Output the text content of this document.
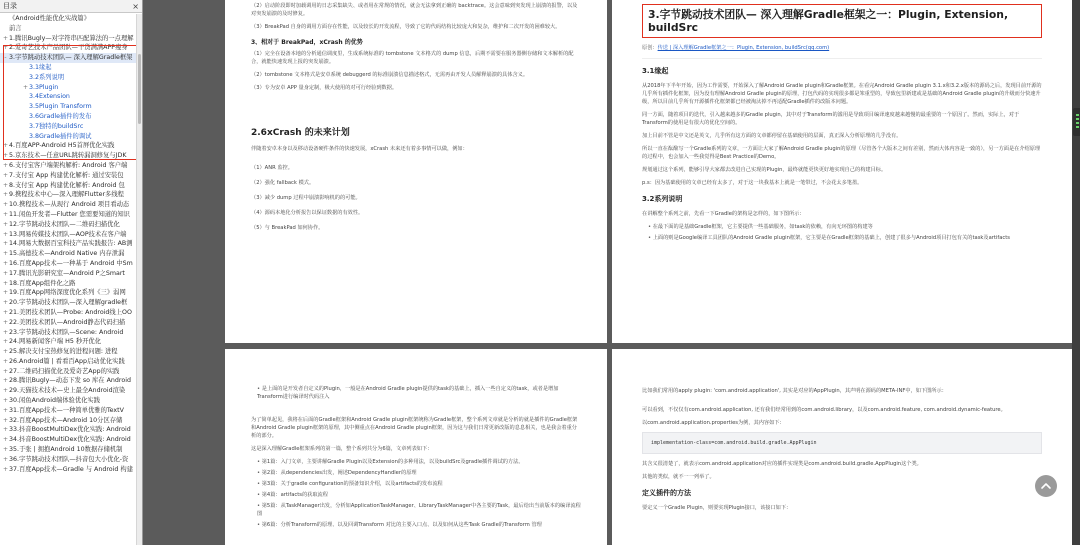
目录	×
《Android性能优化实战篇》
前言
+1.腾讯Bugly—对字符串匹配算法的一点理解
+2.爱奇艺技术产品团队—干货满满APP瘦身
- 3.字节跳动技术团队— 深入理解Gradle框架
3.1缘起
3.2系列说明
+3.3Plugin
3.4Extension
3.5Plugin Transform
3.6Gradle插件的发布
3.7独特的buildSrc
3.8Gradle插件的调试
+4.百度APP-Android H5首屏优化实践
+5.京东技术—任意URL跳转漏洞修复与JDK
+6.支付宝客户端架构解析: Android 客户端
+7.支付宝 App 构建优化解析: 通过安装包
+8.支付宝 App 构建优化解析: Android 包
+9.携程技术中心—深入理解Flutter多线程
+10.携程技术—从现行 Android 项目看动态
+11.闲鱼开发者—Flutter 您需要知道的知识
+12.字节跳动技术团队—二维码扫描优化
+13.网易传媒技术团队—AOP技术在客户端
+14.网易大数据百宝科技产品实践报告: AB测
+15.高德技术—Android Native 内存泄漏
+16.百度App技术—一种基于 Android 中Sm
+17.腾讯光影研究室—Android P之Smart
+18.百度App组件化之路
+19.百度App网络深度优化系列《三》弱网
+20.字节跳动技术团队—深入理解gradle框
+21.美团技术团队—Probe: Android线上OO
+22.美团技术团队—Android静态代码扫描
+23.字节跳动技术团队—Scene: Android
+24.网易新闻客户端 H5 秒开优化
+25.解决支付宝热修复的进程问题: 进程
+26.Android篇 | 看看百App启动优化实践
+27.二维码扫描优化及爱奇艺App的实践
+28.腾讯Bugly—动态下发 so 库在 Android
+29.天猫技术技术—史上最全Android渲染
+30.闲鱼Android端体验优化实践
+31.百度App技术—一种简单优雅的TextV
+32.百度App技术—Android 10分区存储
+33.抖音BoostMultiDex优化实践: Android
+34.抖音BoostMultiDex优化实践: Android
+35.于张 | 拥抱Android 10数据存储机制
+36.字节跳动技术团队—抖音包大小优化-资
+37.百度App技术—Gradle 与 Android 构建
（2）启动阶段即时加载调用的日志采集缺失、或者用在常规的情况，就会无法拿到正确的 backtrace。这会意味到突发现上崩溃的报警，以及对突发崩溃的及时修复。
（3）BreakPad 自身的调用方面存在性能，以及较长的开发流程，导致了它的代码结构比较庞大和复杂，维护和二次开发的困难较大。
3、相对于 BreakPad，xCrash 的优势
（1）完全在设备本地的分析通信调度里，生成系统标准的 tombstone 文本格式的 dump 信息，后期不需要在服务器侧存储和文本解析的配合，就能快速发现上报的突发崩溃。
（2）tombstone 文本格式是安卓系统 debuggerd 的标准崩溃信息描述格式，无需再由开发人员解释崩溃的具体含义。
（3）专为安卓 APP 量身定制，极大使用的对可行经验到数据。
2.6xCrash 的未来计划
伴随着安卓本身以及移动设备硬件条件的快速发展，xCrash 未来还有着多事情可以做，例如：
（1）ANR 监控。
（2）强化 fallback 模式。
（3）减少 dump 过程中崩溃影响机的的可能。
（4）源码本地化分析报告以保证数据的有效性。
（5）与 BreakPad 如何协作。
3.字节跳动技术团队— 深入理解Gradle框架之一：Plugin, Extension, buildSrc
原创：传送 | 深入理解Gradle框架之一：Plugin, Extension, buildSrc(qq.com)
3.1缘起
从2018年下半年开始，因为工作需要，开始深入了解Android Gradle plugin和Gradle框架。在看完Android Gradle plugin 3.1.x和3.2.x版本的源码之后，发现目前开源的几乎所有插件化框架，因为没有理解Android Gradle plugin的原理，打包代码的实现很多都是笨重型的，导致包里新建或是基础的Android Gradle plugin的升级而分快速升级，所以目前几乎所有开源插件化框架都已经被淘汰掉不再适配Gradle插件的改版本问题。
同一方面，随着项目的迭代，引入越来越多的Gradle plugin，其中对于Transform的滥用是导致项目编译速度越来越慢的最重要的一个原因了。然而，实际上，对于Transform的使用是有很大的优化空间的。
加上目前不管是中文还是英文，几乎所有这方面的文章都停留在基础使用的层面，真正深入分析原理的几乎没有。
所以一直在酝酿写一个Gradle系列的文章，一方面让大家了解Android Gradle plugin的原理（尽管各个大版本之间有差别，然而大体内容是一致的），另一方面是在介绍原理的过程中，也会加入一些我觉得是Best Practice的Demo。
规划通过这个系列，能够引导大家都去改进自己实现的Plugin，最终就能更快更好地实现自己的构建目标。
p.s：因为基础使用的文章已经有太多了，对于这一块我基本上就是一笔带过，不会花太多笔墨。
3.2系列说明
在讲解整个系列之前，先看一下Gradle的架构是怎样的，如下图所示：
• 在最下面的是基础Gradle框架，它主要提供一些基础服务，如task的依赖，有向无环图的构建等
• 上面的则是Google编译工具团队的Android Gradle plugin框架，它主要是在Gradle框架的基础上，创建了很多与Android项目打包有关的task及artifacts
• 是上面的是开发者自定义的Plugin，一般是在Android Gradle plugin提供的task的基础上，插入一些自定义的task，或者是增加Transform进行编译时代码注入
为了简单起见，我将在后面的Gradle框架和Android Gradle plugin框架统称为Gradle框架，整个系列文章就是分析的就是插件的Gradle框架和Android Gradle plugin框架的原理，其中侧重点在Android Gradle plugin框架，因为这与我们日常更新改版的息息相关，也是我会着重分析的部分。
这是深入理解Gradle框架系列的第一篇，整个系列共分为6篇，文章列表如下：
• 第1篇：入门文章，主要讲解Gradle Plugin以及Extension的多种用法，以及buildSrc及gradle插件调试的方法。
• 第2篇：从dependencies出发，阐述DependencyHandler的原理
• 第3篇：关于gradle configuration的预备知识介绍，以及artifacts的发布流程
• 第4篇：artifacts的获取流程
• 第5篇：从TaskManager出发，分析如ApplicationTaskManager、LibraryTaskManager中各主要的Task，最后给出当前版本的编译流程图
• 第6篇：分析Transform的原理、以及回调Transform 对比的主要入口点、以及如何从这些Task Gradle的Transform 管理
比如我们常用的apply plugin: 'com.android.application', 其实是对应的AppPlugin，其声明在源码的META-INF中，如下图所示：
可以看到，不仅仅有com.android.application, 还有我们经常用到的com.android.library，以及com.android.feature, com.android.dynamic-feature。
以com.android.application.properties为例，其内容如下：
implementation-class=com.android.build.gradle.AppPlugin
其含义很清楚了，就表示com.android.application对应的插件实现类是com.android.build.gradle.AppPlugin这个类。
其他的类似，就不一一列举了。
定义插件的方法
要定义一个Gradle Plugin，则要实现Plugin接口，该接口如下：
